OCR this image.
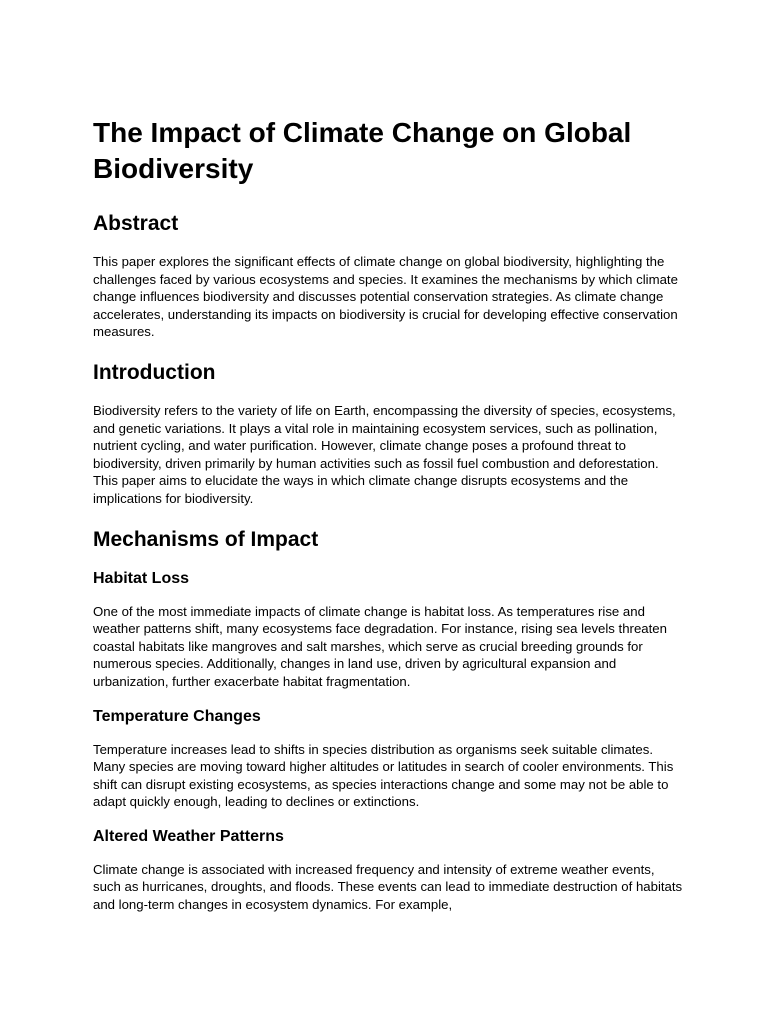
The Impact of Climate Change on Global Biodiversity
Abstract

This paper explores the significant effects of climate change on global biodiversity, highlighting the challenges faced by various ecosystems and species. It examines the mechanisms by which climate change influences biodiversity and discusses potential conservation strategies. As climate change accelerates, understanding its impacts on biodiversity is crucial for developing effective conservation measures.

Introduction

Biodiversity refers to the variety of life on Earth, encompassing the diversity of species, ecosystems, and genetic variations. It plays a vital role in maintaining ecosystem services, such as pollination, nutrient cycling, and water purification. However, climate change poses a profound threat to biodiversity, driven primarily by human activities such as fossil fuel combustion and deforestation. This paper aims to elucidate the ways in which climate change disrupts ecosystems and the implications for biodiversity.

Mechanisms of Impact
Habitat Loss

One of the most immediate impacts of climate change is habitat loss. As temperatures rise and weather patterns shift, many ecosystems face degradation. For instance, rising sea levels threaten coastal habitats like mangroves and salt marshes, which serve as crucial breeding grounds for numerous species. Additionally, changes in land use, driven by agricultural expansion and urbanization, further exacerbate habitat fragmentation.

Temperature Changes

Temperature increases lead to shifts in species distribution as organisms seek suitable climates. Many species are moving toward higher altitudes or latitudes in search of cooler environments. This shift can disrupt existing ecosystems, as species interactions change and some may not be able to adapt quickly enough, leading to declines or extinctions.

Altered Weather Patterns

Climate change is associated with increased frequency and intensity of extreme weather events, such as hurricanes, droughts, and floods. These events can lead to immediate destruction of habitats and long-term changes in ecosystem dynamics. For example,
